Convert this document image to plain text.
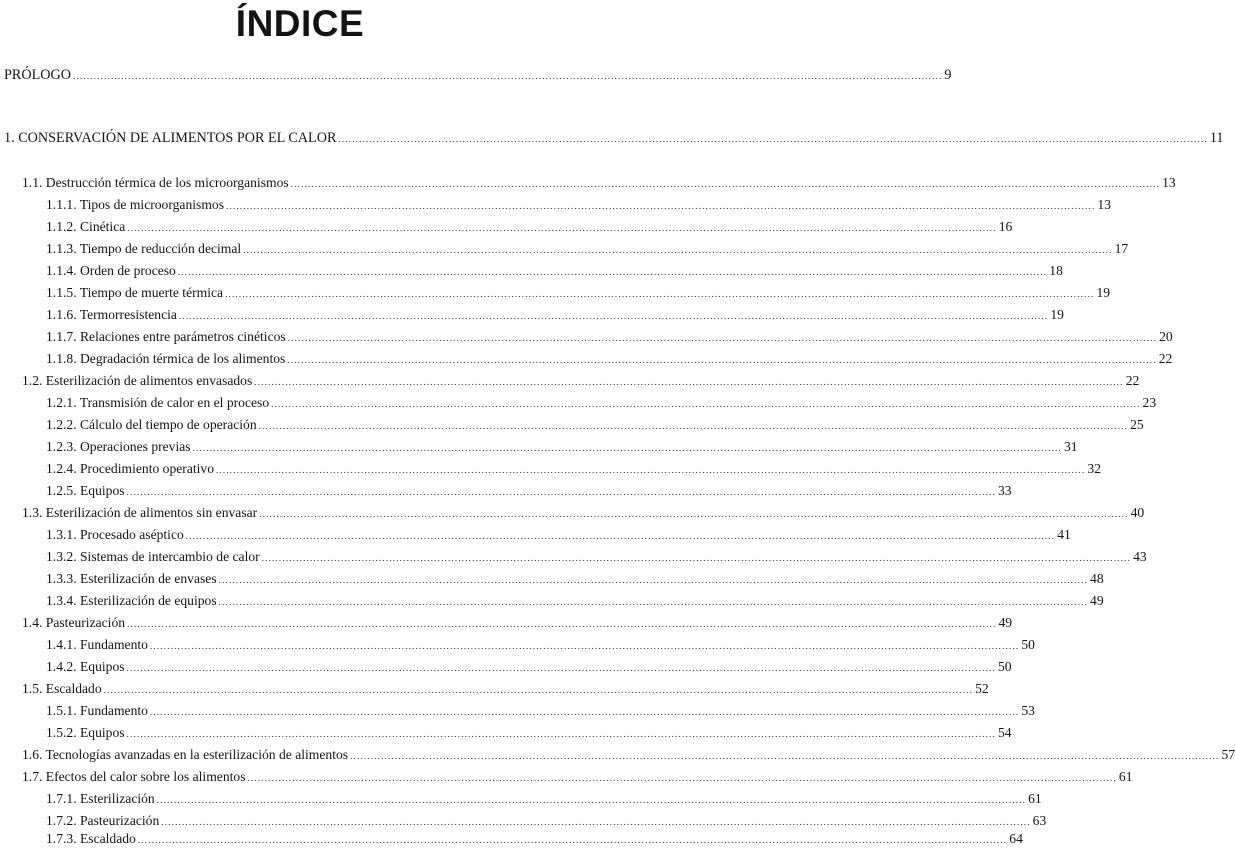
ÍNDICE
PRÓLOGO ............................................................................................................................................................................................................................................................ 9
1. CONSERVACIÓN DE ALIMENTOS POR EL CALOR ............................................................................................................................................................................................................................................................ 11
1.1. Destrucción térmica de los microorganismos ............................................................................................................................................................................................................................................................ 13
1.1.1. Tipos de microorganismos ............................................................................................................................................................................................................................................................ 13
1.1.2. Cinética ............................................................................................................................................................................................................................................................ 16
1.1.3. Tiempo de reducción decimal ............................................................................................................................................................................................................................................................ 17
1.1.4. Orden de proceso ............................................................................................................................................................................................................................................................ 18
1.1.5. Tiempo de muerte térmica ............................................................................................................................................................................................................................................................ 19
1.1.6. Termorresistencia ............................................................................................................................................................................................................................................................ 19
1.1.7. Relaciones entre parámetros cinéticos ............................................................................................................................................................................................................................................................ 20
1.1.8. Degradación térmica de los alimentos ............................................................................................................................................................................................................................................................ 22
1.2. Esterilización de alimentos envasados ............................................................................................................................................................................................................................................................ 22
1.2.1. Transmisión de calor en el proceso ............................................................................................................................................................................................................................................................ 23
1.2.2. Cálculo del tiempo de operación ............................................................................................................................................................................................................................................................ 25
1.2.3. Operaciones previas ............................................................................................................................................................................................................................................................ 31
1.2.4. Procedimiento operativo ............................................................................................................................................................................................................................................................ 32
1.2.5. Equipos ............................................................................................................................................................................................................................................................ 33
1.3. Esterilización de alimentos sin envasar ............................................................................................................................................................................................................................................................ 40
1.3.1. Procesado aséptico ............................................................................................................................................................................................................................................................ 41
1.3.2. Sistemas de intercambio de calor ............................................................................................................................................................................................................................................................ 43
1.3.3. Esterilización de envases ............................................................................................................................................................................................................................................................ 48
1.3.4. Esterilización de equipos ............................................................................................................................................................................................................................................................ 49
1.4. Pasteurización ............................................................................................................................................................................................................................................................ 49
1.4.1. Fundamento ............................................................................................................................................................................................................................................................ 50
1.4.2. Equipos ............................................................................................................................................................................................................................................................ 50
1.5. Escaldado ............................................................................................................................................................................................................................................................ 52
1.5.1. Fundamento ............................................................................................................................................................................................................................................................ 53
1.5.2. Equipos ............................................................................................................................................................................................................................................................ 54
1.6. Tecnologías avanzadas en la esterilización de alimentos ............................................................................................................................................................................................................................................................ 57
1.7. Efectos del calor sobre los alimentos ............................................................................................................................................................................................................................................................ 61
1.7.1. Esterilización ............................................................................................................................................................................................................................................................ 61
1.7.2. Pasteurización ............................................................................................................................................................................................................................................................ 63
1.7.3. Escaldado ............................................................................................................................................................................................................................................................ 64
